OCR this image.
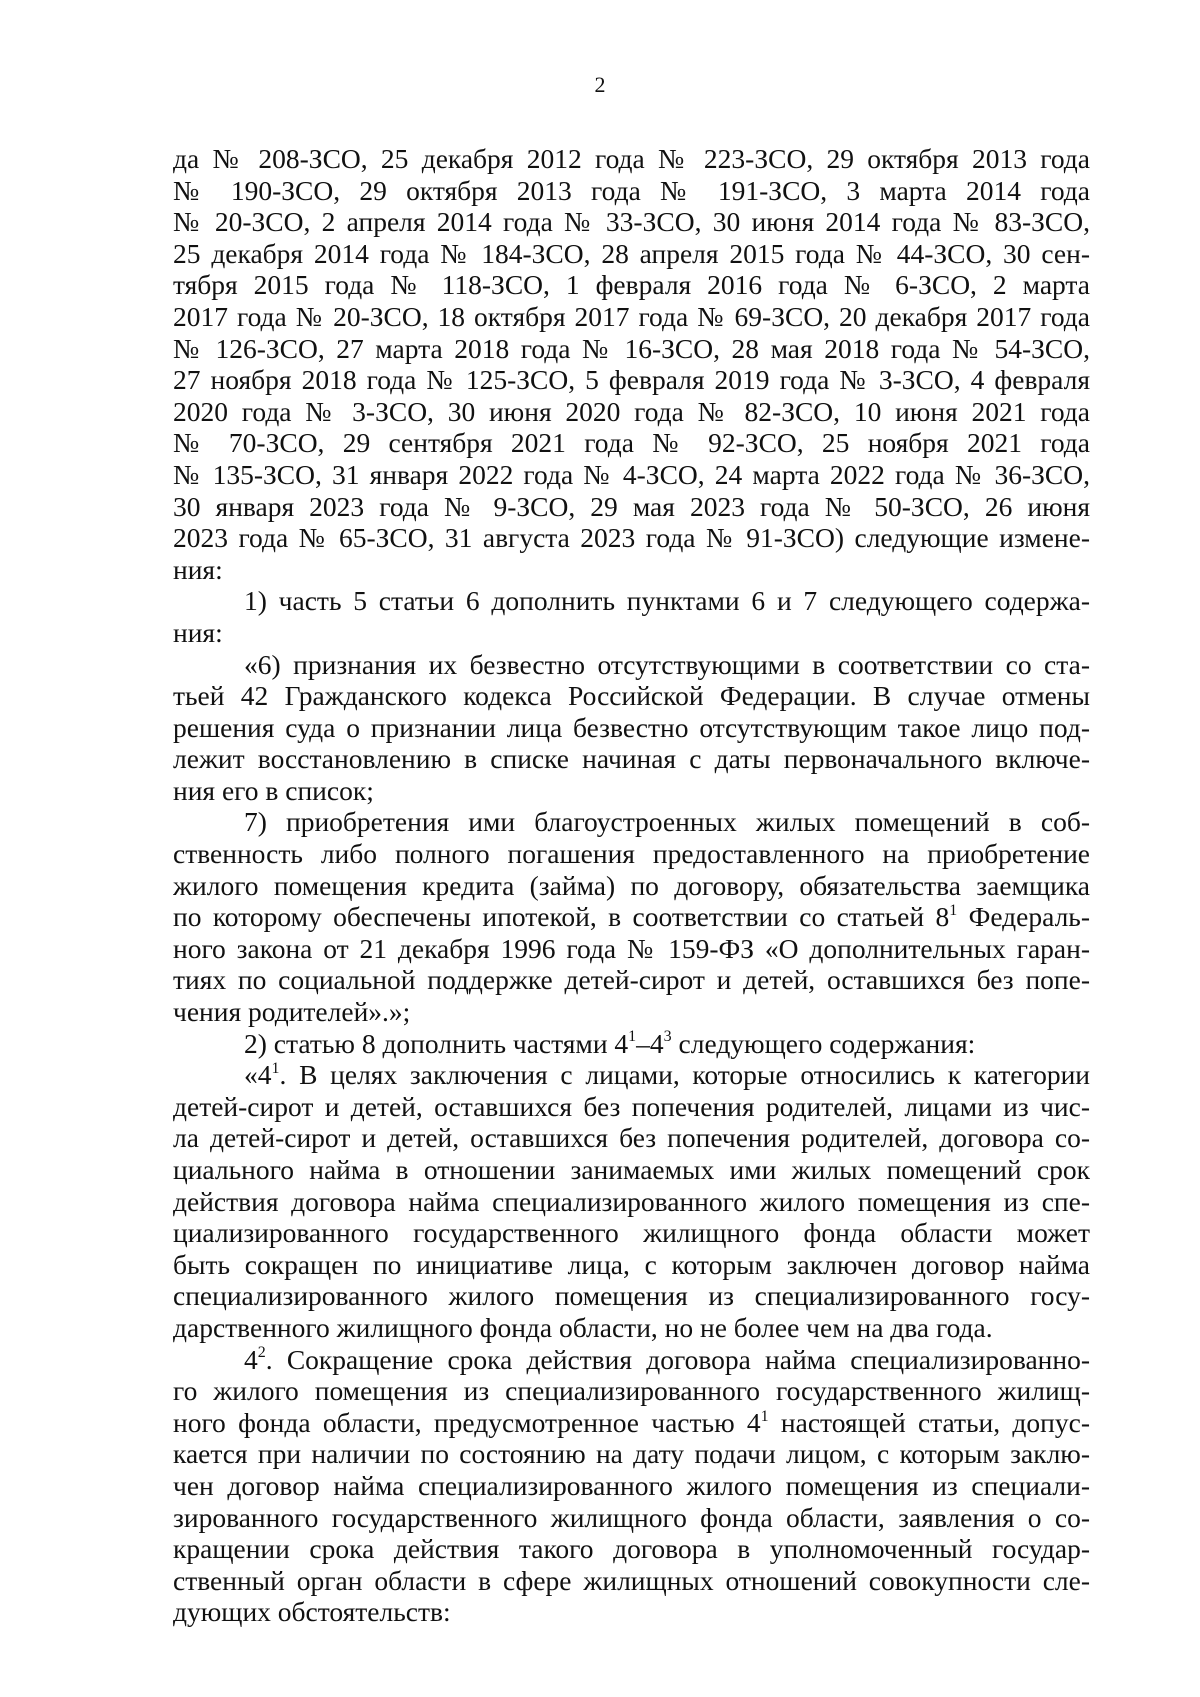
2
да № 208-ЗСО, 25 декабря 2012 года № 223-ЗСО, 29 октября 2013 года
№ 190-ЗСО, 29 октября 2013 года № 191-ЗСО, 3 марта 2014 года
№ 20-ЗСО, 2 апреля 2014 года № 33-ЗСО, 30 июня 2014 года № 83-ЗСО,
25 декабря 2014 года № 184-ЗСО, 28 апреля 2015 года № 44-ЗСО, 30 сен-
тября 2015 года № 118-ЗСО, 1 февраля 2016 года № 6-ЗСО, 2 марта
2017 года № 20-ЗСО, 18 октября 2017 года № 69-ЗСО, 20 декабря 2017 года
№ 126-ЗСО, 27 марта 2018 года № 16-ЗСО, 28 мая 2018 года № 54-ЗСО,
27 ноября 2018 года № 125-ЗСО, 5 февраля 2019 года № 3-ЗСО, 4 февраля
2020 года № 3-ЗСО, 30 июня 2020 года № 82-ЗСО, 10 июня 2021 года
№ 70-ЗСО, 29 сентября 2021 года № 92-ЗСО, 25 ноября 2021 года
№ 135-ЗСО, 31 января 2022 года № 4-ЗСО, 24 марта 2022 года № 36-ЗСО,
30 января 2023 года № 9-ЗСО, 29 мая 2023 года № 50-ЗСО, 26 июня
2023 года № 65-ЗСО, 31 августа 2023 года № 91-ЗСО) следующие измене-
ния:
1) часть 5 статьи 6 дополнить пунктами 6 и 7 следующего содержа-
ния:
«6) признания их безвестно отсутствующими в соответствии со ста-
тьей 42 Гражданского кодекса Российской Федерации. В случае отмены
решения суда о признании лица безвестно отсутствующим такое лицо под-
лежит восстановлению в списке начиная с даты первоначального включе-
ния его в список;
7) приобретения ими благоустроенных жилых помещений в соб-
ственность либо полного погашения предоставленного на приобретение
жилого помещения кредита (займа) по договору, обязательства заемщика
по которому обеспечены ипотекой, в соответствии со статьей $8^1$ Федераль-
ного закона от 21 декабря 1996 года № 159-ФЗ «О дополнительных гаран-
тиях по социальной поддержке детей-сирот и детей, оставшихся без попе-
чения родителей».»;
2) статью 8 дополнить частями $4^1-4^3$ следующего содержания:
«$4^1$. В целях заключения с лицами, которые относились к категории
детей-сирот и детей, оставшихся без попечения родителей, лицами из чис-
ла детей-сирот и детей, оставшихся без попечения родителей, договора со-
циального найма в отношении занимаемых ими жилых помещений срок
действия договора найма специализированного жилого помещения из спе-
циализированного государственного жилищного фонда области может
быть сокращен по инициативе лица, с которым заключен договор найма
специализированного жилого помещения из специализированного госу-
дарственного жилищного фонда области, но не более чем на два года.
$4^2$. Сокращение срока действия договора найма специализированно-
го жилого помещения из специализированного государственного жилищ-
ного фонда области, предусмотренное частью $4^1$ настоящей статьи, допус-
кается при наличии по состоянию на дату подачи лицом, с которым заклю-
чен договор найма специализированного жилого помещения из специали-
зированного государственного жилищного фонда области, заявления о со-
кращении срока действия такого договора в уполномоченный государ-
ственный орган области в сфере жилищных отношений совокупности сле-
дующих обстоятельств:
